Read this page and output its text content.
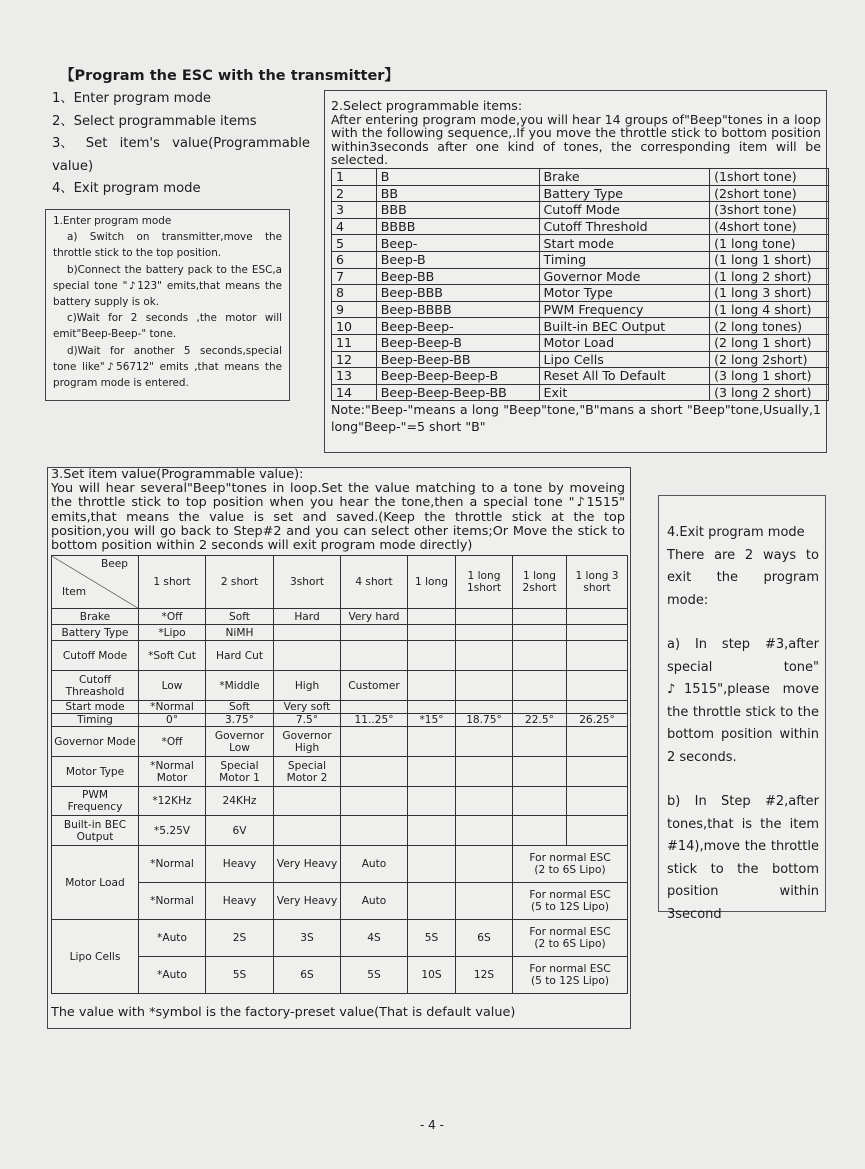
【Program the ESC with the transmitter】
1、Enter program mode
2、Select programmable items
3、 Set item's value(Programmable
value)
4、Exit program mode

1.Enter program mode

a) Switch on transmitter,move the throttle stick to the top position.

b)Connect the battery pack to the ESC,a special tone "♪123" emits,that means the battery supply is ok.

c)Wait for 2 seconds ,the motor will emit"Beep-Beep-" tone.

d)Wait for another 5 seconds,special tone like"♪56712" emits ,that means the program mode is entered.

2.Select programmable items:
After entering program mode,you will hear 14 groups of"Beep"tones in a loop with the following sequence,.If you move the throttle stick to bottom position within3seconds after one kind of tones, the corresponding item will be selected.
1	B	Brake	(1short tone)
2	BB	Battery Type	(2short tone)
3	BBB	Cutoff Mode	(3short tone)
4	BBBB	Cutoff Threshold	(4short tone)
5	Beep-	Start mode	(1 long tone)
6	Beep-B	Timing	(1 long 1 short)
7	Beep-BB	Governor Mode	(1 long 2 short)
8	Beep-BBB	Motor Type	(1 long 3 short)
9	Beep-BBBB	PWM Frequency	(1 long 4 short)
10	Beep-Beep-	Built-in BEC Output	(2 long tones)
11	Beep-Beep-B	Motor Load	(2 long 1 short)
12	Beep-Beep-BB	Lipo Cells	(2 long 2short)
13	Beep-Beep-Beep-B	Reset All To Default	(3 long 1 short)
14	Beep-Beep-Beep-BB	Exit	(3 long 2 short)
Note:"Beep-"means a long "Beep"tone,"B"mans a short "Beep"tone,Usually,1 long"Beep-"=5 short "B"
3.Set item value(Programmable value):
You will hear several"Beep"tones in loop.Set the value matching to a tone by moveing the throttle stick to top position when you hear the tone,then a special tone "♪1515" emits,that means the value is set and saved.(Keep the throttle stick at the top position,you will go back to Step#2 and you can select other items;Or Move the stick to bottom position within 2 seconds will exit program mode directly)
Beep
Item	1 short	2 short	3short	4 short	1 long	1 long 1short	1 long 2short	1 long 3 short
Brake	*Off	Soft	Hard	Very hard				
Battery Type	*Lipo	NiMH						
Cutoff Mode	*Soft Cut	Hard Cut						
Cutoff Threashold	Low	*Middle	High	Customer				
Start mode	*Normal	Soft	Very soft					
Timing	0°	3.75°	7.5°	11..25°	*15°	18.75°	22.5°	26.25°
Governor Mode	*Off	Governor Low	Governor High					
Motor Type	*Normal Motor	Special Motor 1	Special Motor 2					
PWM Frequency	*12KHz	24KHz						
Built-in BEC Output	*5.25V	6V						
Motor Load	*Normal	Heavy	Very Heavy	Auto			For normal ESC (2 to 6S Lipo)	
	*Normal	Heavy	Very Heavy	Auto			For normal ESC (5 to 12S Lipo)	
Lipo Cells	*Auto	2S	3S	4S	5S	6S	For normal ESC (2 to 6S Lipo)	
	*Auto	5S	6S	5S	10S	12S	For normal ESC (5 to 12S Lipo)	
The value with *symbol is the factory-preset value(That is default value)

4.Exit program mode

There are 2 ways to exit the program mode:

a) In step #3,after special tone" ♪1515",please move the throttle stick to the bottom position within 2 seconds.

b) In Step #2,after tones,that is the item #14),move the throttle stick to the bottom position within 3second

- 4 -
